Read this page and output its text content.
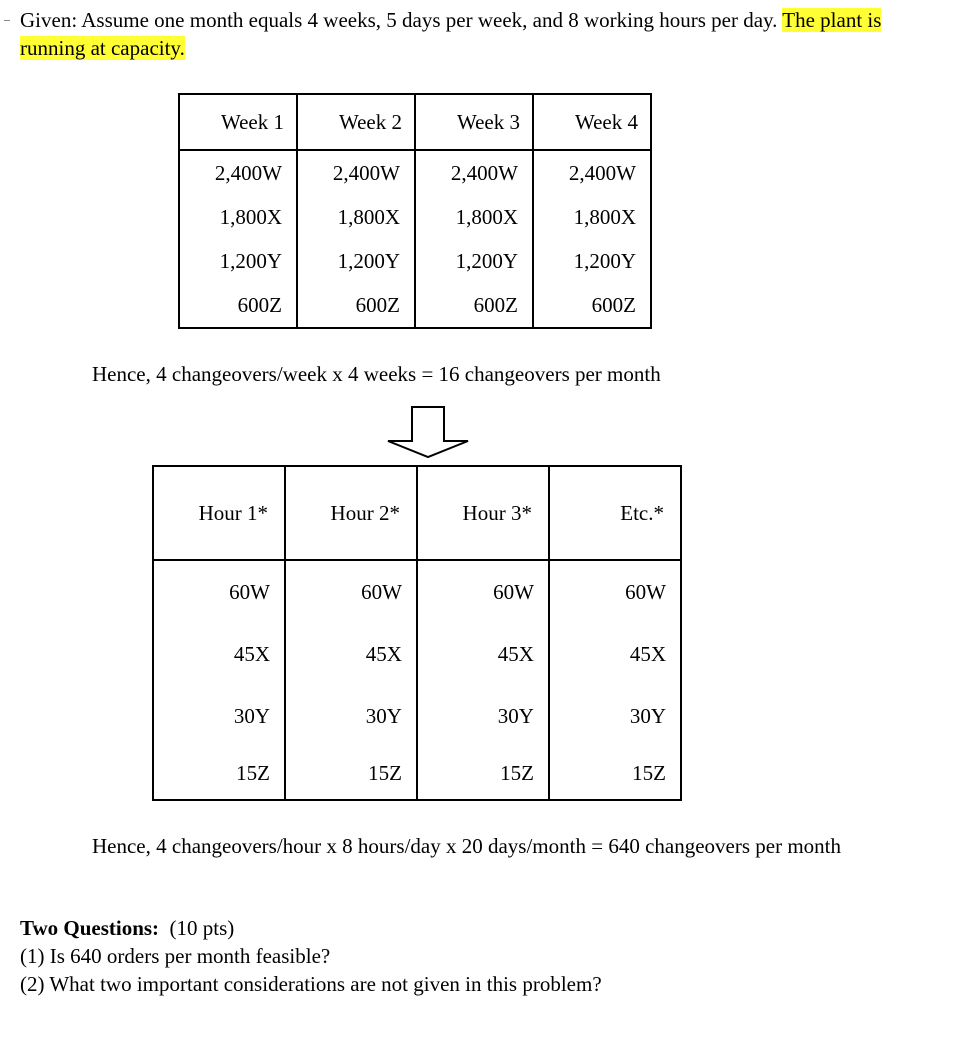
Given: Assume one month equals 4 weeks, 5 days per week, and 8 working hours per day. The plant is running at capacity.
Week 1	Week 2	Week 3	Week 4
2,400W	2,400W	2,400W	2,400W
1,800X	1,800X	1,800X	1,800X
1,200Y	1,200Y	1,200Y	1,200Y
600Z	600Z	600Z	600Z
Hence, 4 changeovers/week x 4 weeks = 16 changeovers per month
Hour 1*	Hour 2*	Hour 3*	Etc.*
60W	60W	60W	60W
45X	45X	45X	45X
30Y	30Y	30Y	30Y
15Z	15Z	15Z	15Z
Hence, 4 changeovers/hour x 8 hours/day x 20 days/month = 640 changeovers per month
Two Questions: (10 pts)
(1) Is 640 orders per month feasible?
(2) What two important considerations are not given in this problem?
